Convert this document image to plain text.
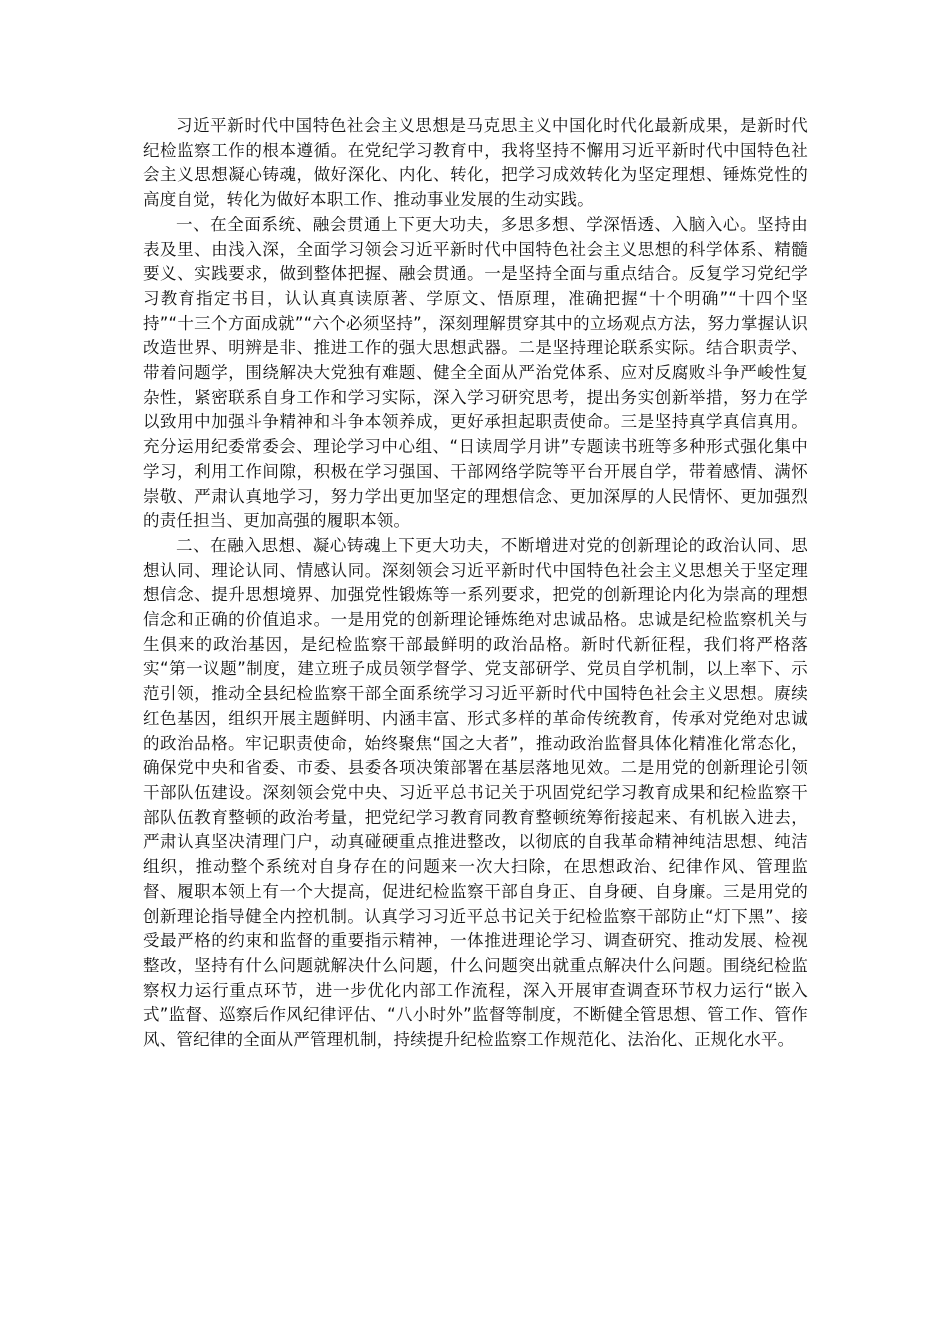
习近平新时代中国特色社会主义思想是马克思主义中国化时代化最新成果，是新时代纪检监察工作的根本遵循。在党纪学习教育中，我将坚持不懈用习近平新时代中国特色社会主义思想凝心铸魂，做好深化、内化、转化，把学习成效转化为坚定理想、锤炼党性的高度自觉，转化为做好本职工作、推动事业发展的生动实践。

一、在全面系统、融会贯通上下更大功夫，多思多想、学深悟透、入脑入心。坚持由表及里、由浅入深，全面学习领会习近平新时代中国特色社会主义思想的科学体系、精髓要义、实践要求，做到整体把握、融会贯通。一是坚持全面与重点结合。反复学习党纪学习教育指定书目，认认真真读原著、学原文、悟原理，准确把握“十个明确”“十四个坚持”“十三个方面成就”“六个必须坚持”，深刻理解贯穿其中的立场观点方法，努力掌握认识改造世界、明辨是非、推进工作的强大思想武器。二是坚持理论联系实际。结合职责学、带着问题学，围绕解决大党独有难题、健全全面从严治党体系、应对反腐败斗争严峻性复杂性，紧密联系自身工作和学习实际，深入学习研究思考，提出务实创新举措，努力在学以致用中加强斗争精神和斗争本领养成，更好承担起职责使命。三是坚持真学真信真用。充分运用纪委常委会、理论学习中心组、“日读周学月讲”专题读书班等多种形式强化集中学习，利用工作间隙，积极在学习强国、干部网络学院等平台开展自学，带着感情、满怀崇敬、严肃认真地学习，努力学出更加坚定的理想信念、更加深厚的人民情怀、更加强烈的责任担当、更加高强的履职本领。

二、在融入思想、凝心铸魂上下更大功夫，不断增进对党的创新理论的政治认同、思想认同、理论认同、情感认同。深刻领会习近平新时代中国特色社会主义思想关于坚定理想信念、提升思想境界、加强党性锻炼等一系列要求，把党的创新理论内化为崇高的理想信念和正确的价值追求。一是用党的创新理论锤炼绝对忠诚品格。忠诚是纪检监察机关与生俱来的政治基因，是纪检监察干部最鲜明的政治品格。新时代新征程，我们将严格落实“第一议题”制度，建立班子成员领学督学、党支部研学、党员自学机制，以上率下、示范引领，推动全县纪检监察干部全面系统学习习近平新时代中国特色社会主义思想。赓续红色基因，组织开展主题鲜明、内涵丰富、形式多样的革命传统教育，传承对党绝对忠诚的政治品格。牢记职责使命，始终聚焦“国之大者”，推动政治监督具体化精准化常态化，确保党中央和省委、市委、县委各项决策部署在基层落地见效。二是用党的创新理论引领干部队伍建设。深刻领会党中央、习近平总书记关于巩固党纪学习教育成果和纪检监察干部队伍教育整顿的政治考量，把党纪学习教育同教育整顿统筹衔接起来、有机嵌入进去，严肃认真坚决清理门户，动真碰硬重点推进整改，以彻底的自我革命精神纯洁思想、纯洁组织，推动整个系统对自身存在的问题来一次大扫除，在思想政治、纪律作风、管理监督、履职本领上有一个大提高，促进纪检监察干部自身正、自身硬、自身廉。三是用党的创新理论指导健全内控机制。认真学习习近平总书记关于纪检监察干部防止“灯下黑”、接受最严格的约束和监督的重要指示精神，一体推进理论学习、调查研究、推动发展、检视整改，坚持有什么问题就解决什么问题，什么问题突出就重点解决什么问题。围绕纪检监察权力运行重点环节，进一步优化内部工作流程，深入开展审查调查环节权力运行“嵌入式”监督、巡察后作风纪律评估、“八小时外”监督等制度，不断健全管思想、管工作、管作风、管纪律的全面从严管理机制，持续提升纪检监察工作规范化、法治化、正规化水平。
